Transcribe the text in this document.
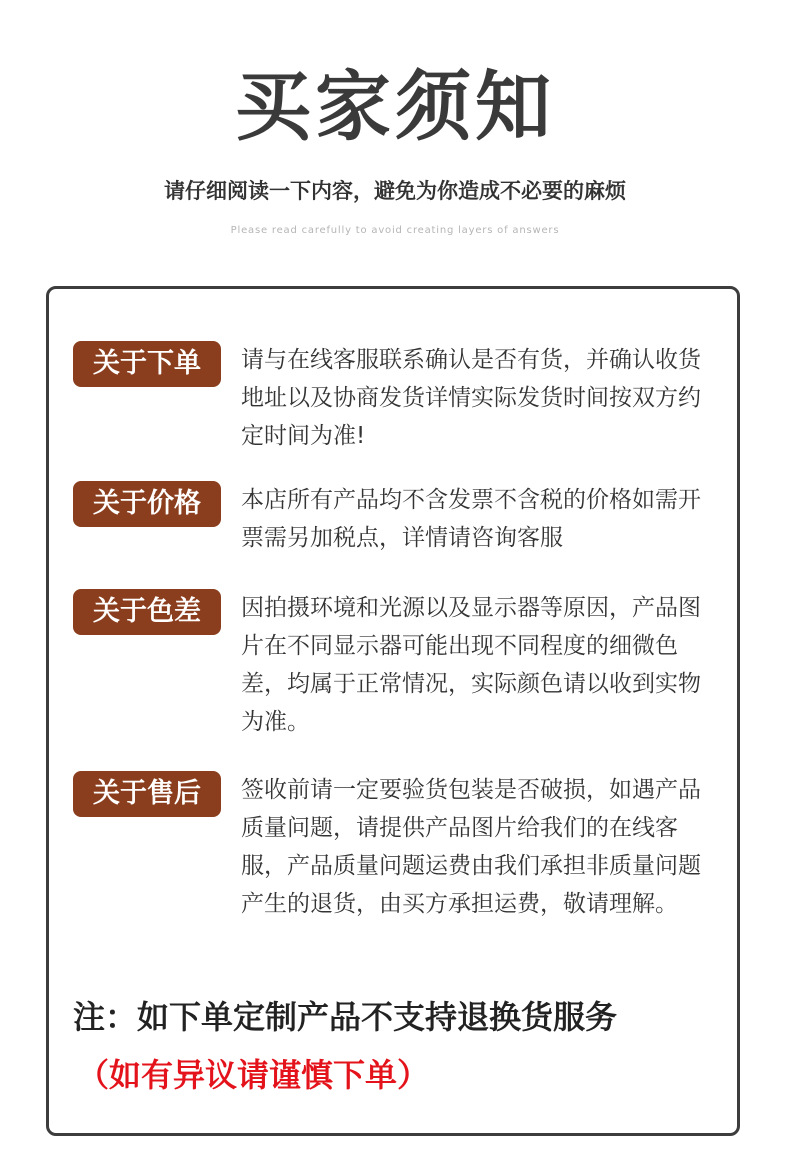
买家须知
请仔细阅读一下内容，避免为你造成不必要的麻烦
Please read carefully to avoid creating layers of answers
关于下单	请与在线客服联系确认是否有货，并确认收货地址以及协商发货详情实际发货时间按双方约定时间为准!
关于价格	本店所有产品均不含发票不含税的价格如需开票需另加税点，详情请咨询客服
关于色差	因拍摄环境和光源以及显示器等原因，产品图片在不同显示器可能出现不同程度的细微色差，均属于正常情况，实际颜色请以收到实物为准。
关于售后	签收前请一定要验货包装是否破损，如遇产品质量问题，请提供产品图片给我们的在线客服，产品质量问题运费由我们承担非质量问题产生的退货，由买方承担运费，敬请理解。
注：如下单定制产品不支持退换货服务
（如有异议请谨慎下单）
